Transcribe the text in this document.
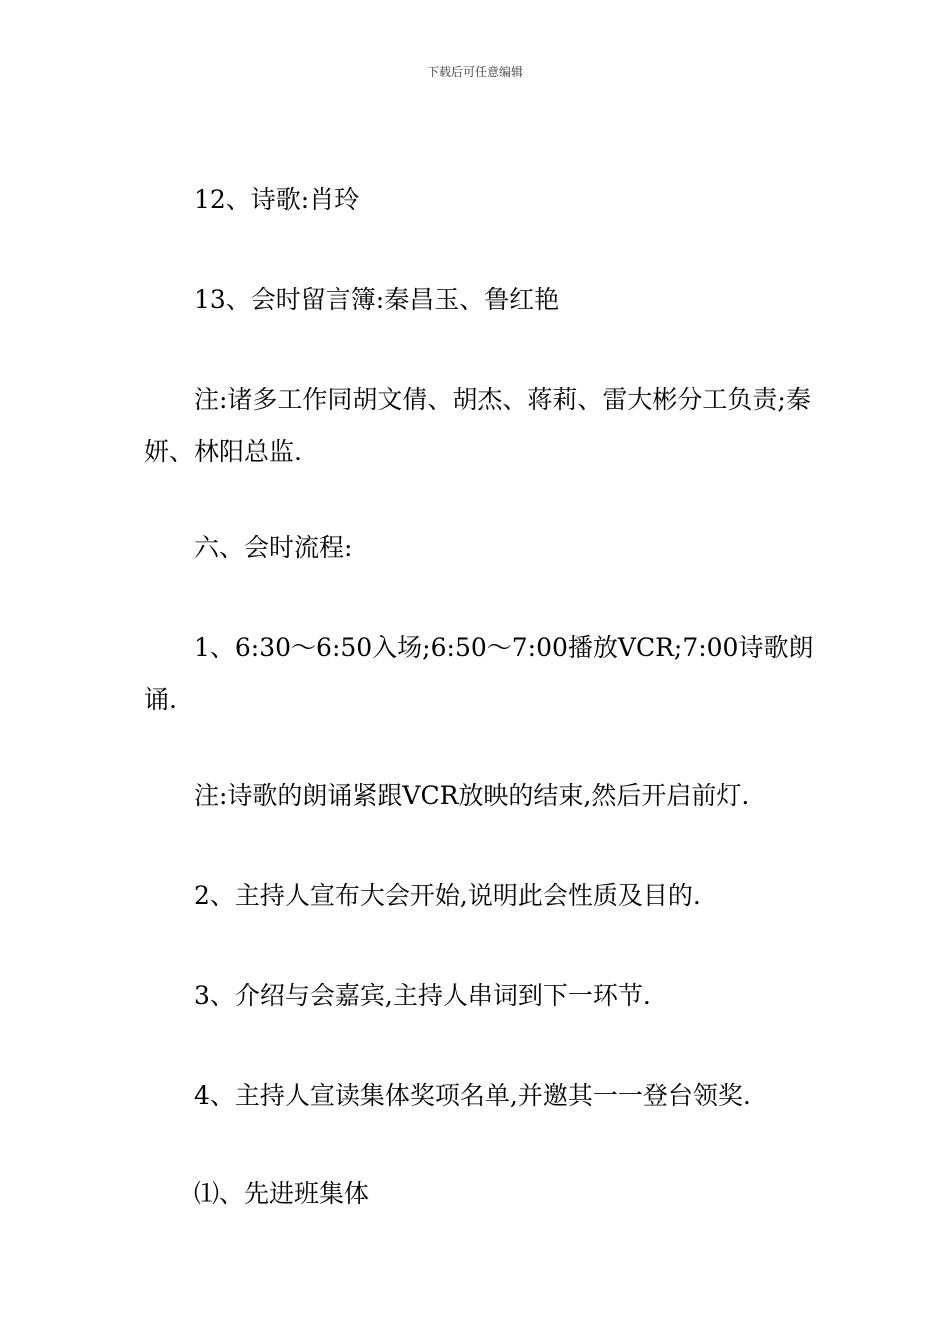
下载后可任意编辑

12、诗歌:肖玲

13、会时留言簿:秦昌玉、鲁红艳

注:诸多工作同胡文倩、胡杰、蒋莉、雷大彬分工负责;秦妍、林阳总监.

六、会时流程:

1、6:30～6:50入场;6:50～7:00播放VCR;7:00诗歌朗诵.

注:诗歌的朗诵紧跟VCR放映的结束,然后开启前灯.

2、主持人宣布大会开始,说明此会性质及目的.

3、介绍与会嘉宾,主持人串词到下一环节.

4、主持人宣读集体奖项名单,并邀其一一登台领奖.

⑴、先进班集体
